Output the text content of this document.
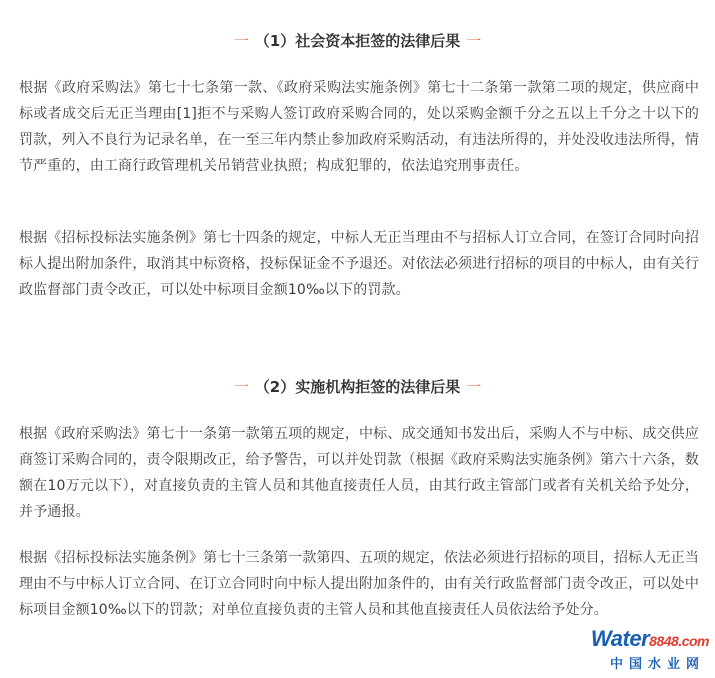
一 （1）社会资本拒签的法律后果 一

根据《政府采购法》第七十七条第一款、《政府采购法实施条例》第七十二条第一款第二项的规定，供应商中标或者成交后无正当理由[1]拒不与采购人签订政府采购合同的，处以采购金额千分之五以上千分之十以下的罚款，列入不良行为记录名单，在一至三年内禁止参加政府采购活动，有违法所得的，并处没收违法所得，情节严重的，由工商行政管理机关吊销营业执照；构成犯罪的，依法追究刑事责任。

根据《招标投标法实施条例》第七十四条的规定，中标人无正当理由不与招标人订立合同，在签订合同时向招标人提出附加条件，取消其中标资格，投标保证金不予退还。对依法必须进行招标的项目的中标人，由有关行政监督部门责令改正，可以处中标项目金额10‰以下的罚款。

一 （2）实施机构拒签的法律后果 一

根据《政府采购法》第七十一条第一款第五项的规定，中标、成交通知书发出后，采购人不与中标、成交供应商签订采购合同的，责令限期改正，给予警告，可以并处罚款（根据《政府采购法实施条例》第六十六条，数额在10万元以下），对直接负责的主管人员和其他直接责任人员，由其行政主管部门或者有关机关给予处分，并予通报。

根据《招标投标法实施条例》第七十三条第一款第四、五项的规定，依法必须进行招标的项目，招标人无正当理由不与中标人订立合同、在订立合同时向中标人提出附加条件的，由有关行政监督部门责令改正，可以处中标项目金额10‰以下的罚款；对单位直接负责的主管人员和其他直接责任人员依法给予处分。

Water8848.com
中国水业网
